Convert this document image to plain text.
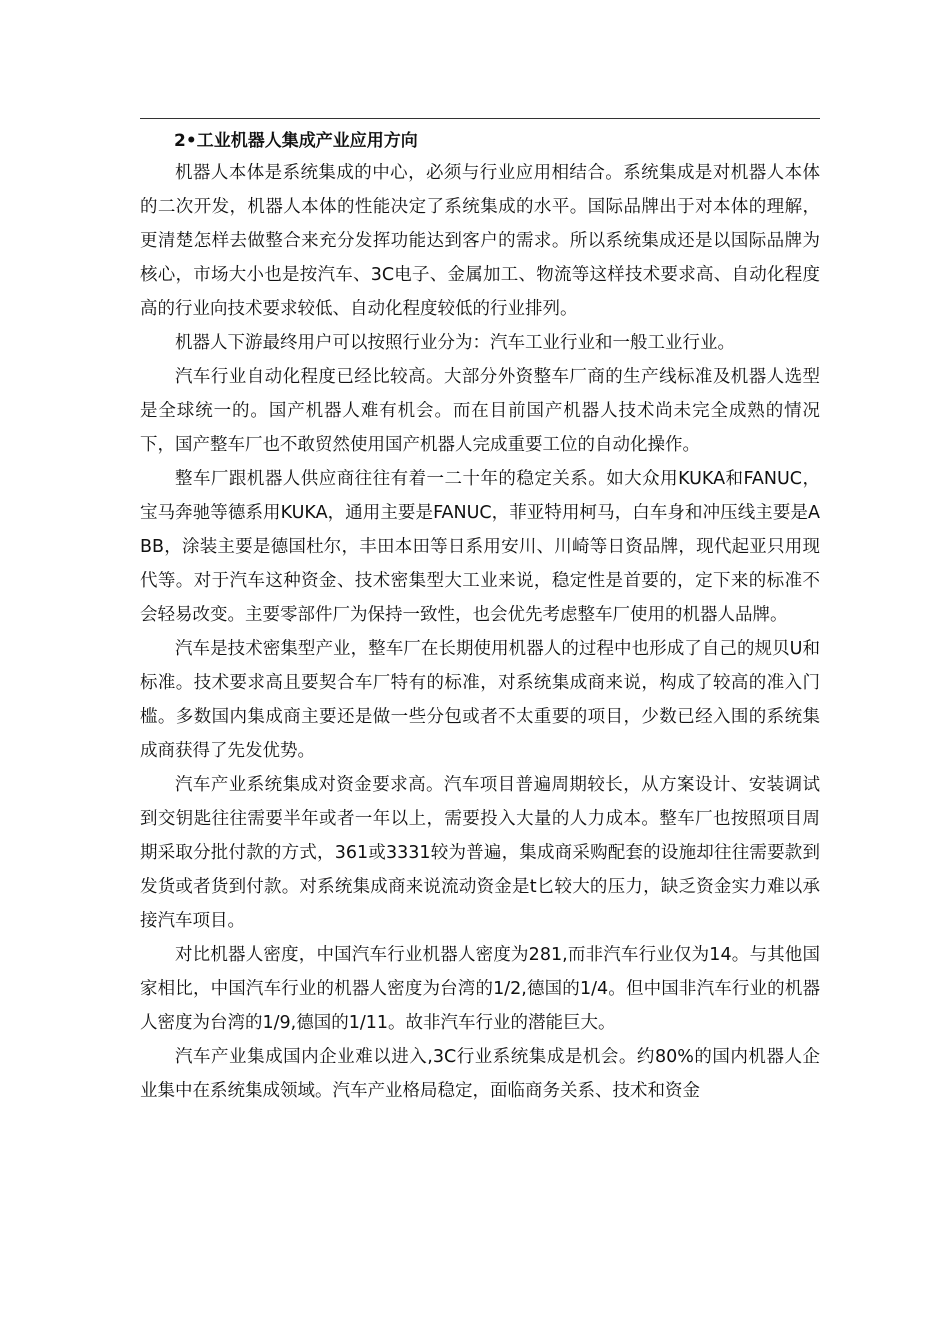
2•工业机器人集成产业应用方向

机器人本体是系统集成的中心，必须与行业应用相结合。系统集成是对机器人本体的二次开发，机器人本体的性能决定了系统集成的水平。国际品牌出于对本体的理解，更清楚怎样去做整合来充分发挥功能达到客户的需求。所以系统集成还是以国际品牌为核心，市场大小也是按汽车、3C电子、金属加工、物流等这样技术要求高、自动化程度高的行业向技术要求较低、自动化程度较低的行业排列。

机器人下游最终用户可以按照行业分为：汽车工业行业和一般工业行业。

汽车行业自动化程度已经比较高。大部分外资整车厂商的生产线标准及机器人选型是全球统一的。国产机器人难有机会。而在目前国产机器人技术尚未完全成熟的情况下，国产整车厂也不敢贸然使用国产机器人完成重要工位的自动化操作。

整车厂跟机器人供应商往往有着一二十年的稳定关系。如大众用KUKA和FANUC，宝马奔驰等德系用KUKA，通用主要是FANUC，菲亚特用柯马，白车身和冲压线主要是ABB，涂装主要是德国杜尔，丰田本田等日系用安川、川崎等日资品牌，现代起亚只用现代等。对于汽车这种资金、技术密集型大工业来说，稳定性是首要的，定下来的标准不会轻易改变。主要零部件厂为保持一致性，也会优先考虑整车厂使用的机器人品牌。

汽车是技术密集型产业，整车厂在长期使用机器人的过程中也形成了自己的规贝U和标准。技术要求高且要契合车厂特有的标准，对系统集成商来说，构成了较高的准入门槛。多数国内集成商主要还是做一些分包或者不太重要的项目，少数已经入围的系统集成商获得了先发优势。

汽车产业系统集成对资金要求高。汽车项目普遍周期较长，从方案设计、安装调试到交钥匙往往需要半年或者一年以上，需要投入大量的人力成本。整车厂也按照项目周期采取分批付款的方式，361或3331较为普遍，集成商采购配套的设施却往往需要款到发货或者货到付款。对系统集成商来说流动资金是t匕较大的压力，缺乏资金实力难以承接汽车项目。

对比机器人密度，中国汽车行业机器人密度为281,而非汽车行业仅为14。与其他国家相比，中国汽车行业的机器人密度为台湾的1/2,德国的1/4。但中国非汽车行业的机器人密度为台湾的1/9,德国的1/11。故非汽车行业的潜能巨大。

汽车产业集成国内企业难以进入,3C行业系统集成是机会。约80%的国内机器人企业集中在系统集成领域。汽车产业格局稳定，面临商务关系、技术和资金
